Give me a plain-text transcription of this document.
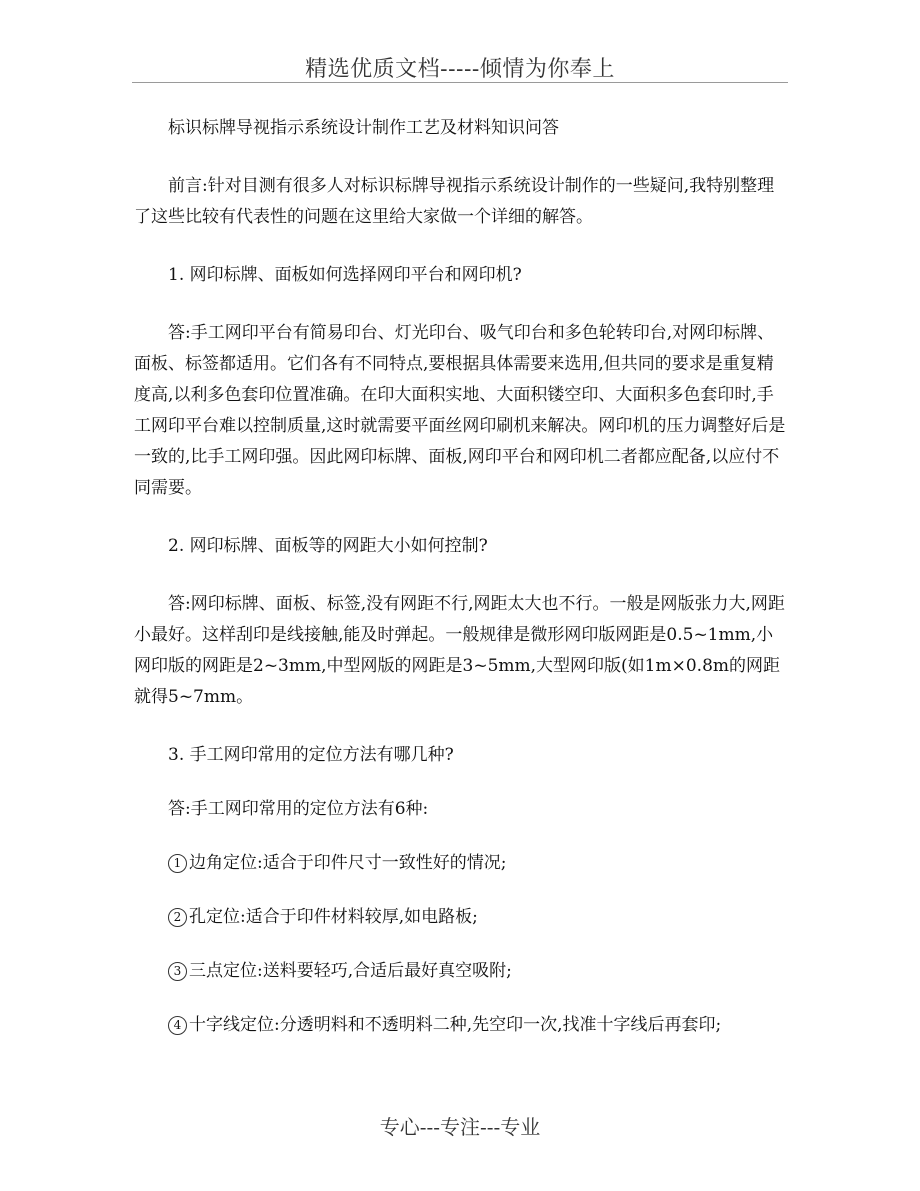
精选优质文档-----倾情为你奉上

标识标牌导视指示系统设计制作工艺及材料知识问答

前言:针对目测有很多人对标识标牌导视指示系统设计制作的一些疑问,我特别整理了这些比较有代表性的问题在这里给大家做一个详细的解答。

1. 网印标牌、面板如何选择网印平台和网印机?

答:手工网印平台有简易印台、灯光印台、吸气印台和多色轮转印台,对网印标牌、面板、标签都适用。它们各有不同特点,要根据具体需要来选用,但共同的要求是重复精度高,以利多色套印位置准确。在印大面积实地、大面积镂空印、大面积多色套印时,手工网印平台难以控制质量,这时就需要平面丝网印刷机来解决。网印机的压力调整好后是一致的,比手工网印强。因此网印标牌、面板,网印平台和网印机二者都应配备,以应付不同需要。

2. 网印标牌、面板等的网距大小如何控制?

答:网印标牌、面板、标签,没有网距不行,网距太大也不行。一般是网版张力大,网距小最好。这样刮印是线接触,能及时弹起。一般规律是微形网印版网距是0.5~1mm,小网印版的网距是2~3mm,中型网版的网距是3~5mm,大型网印版(如1m×0.8m的网距就得5~7mm。

3. 手工网印常用的定位方法有哪几种?

答:手工网印常用的定位方法有6种:

1 边角定位:适合于印件尺寸一致性好的情况;

2 孔定位:适合于印件材料较厚,如电路板;

3 三点定位:送料要轻巧,合适后最好真空吸附;

4 十字线定位:分透明料和不透明料二种,先空印一次,找准十字线后再套印;

专心---专注---专业
